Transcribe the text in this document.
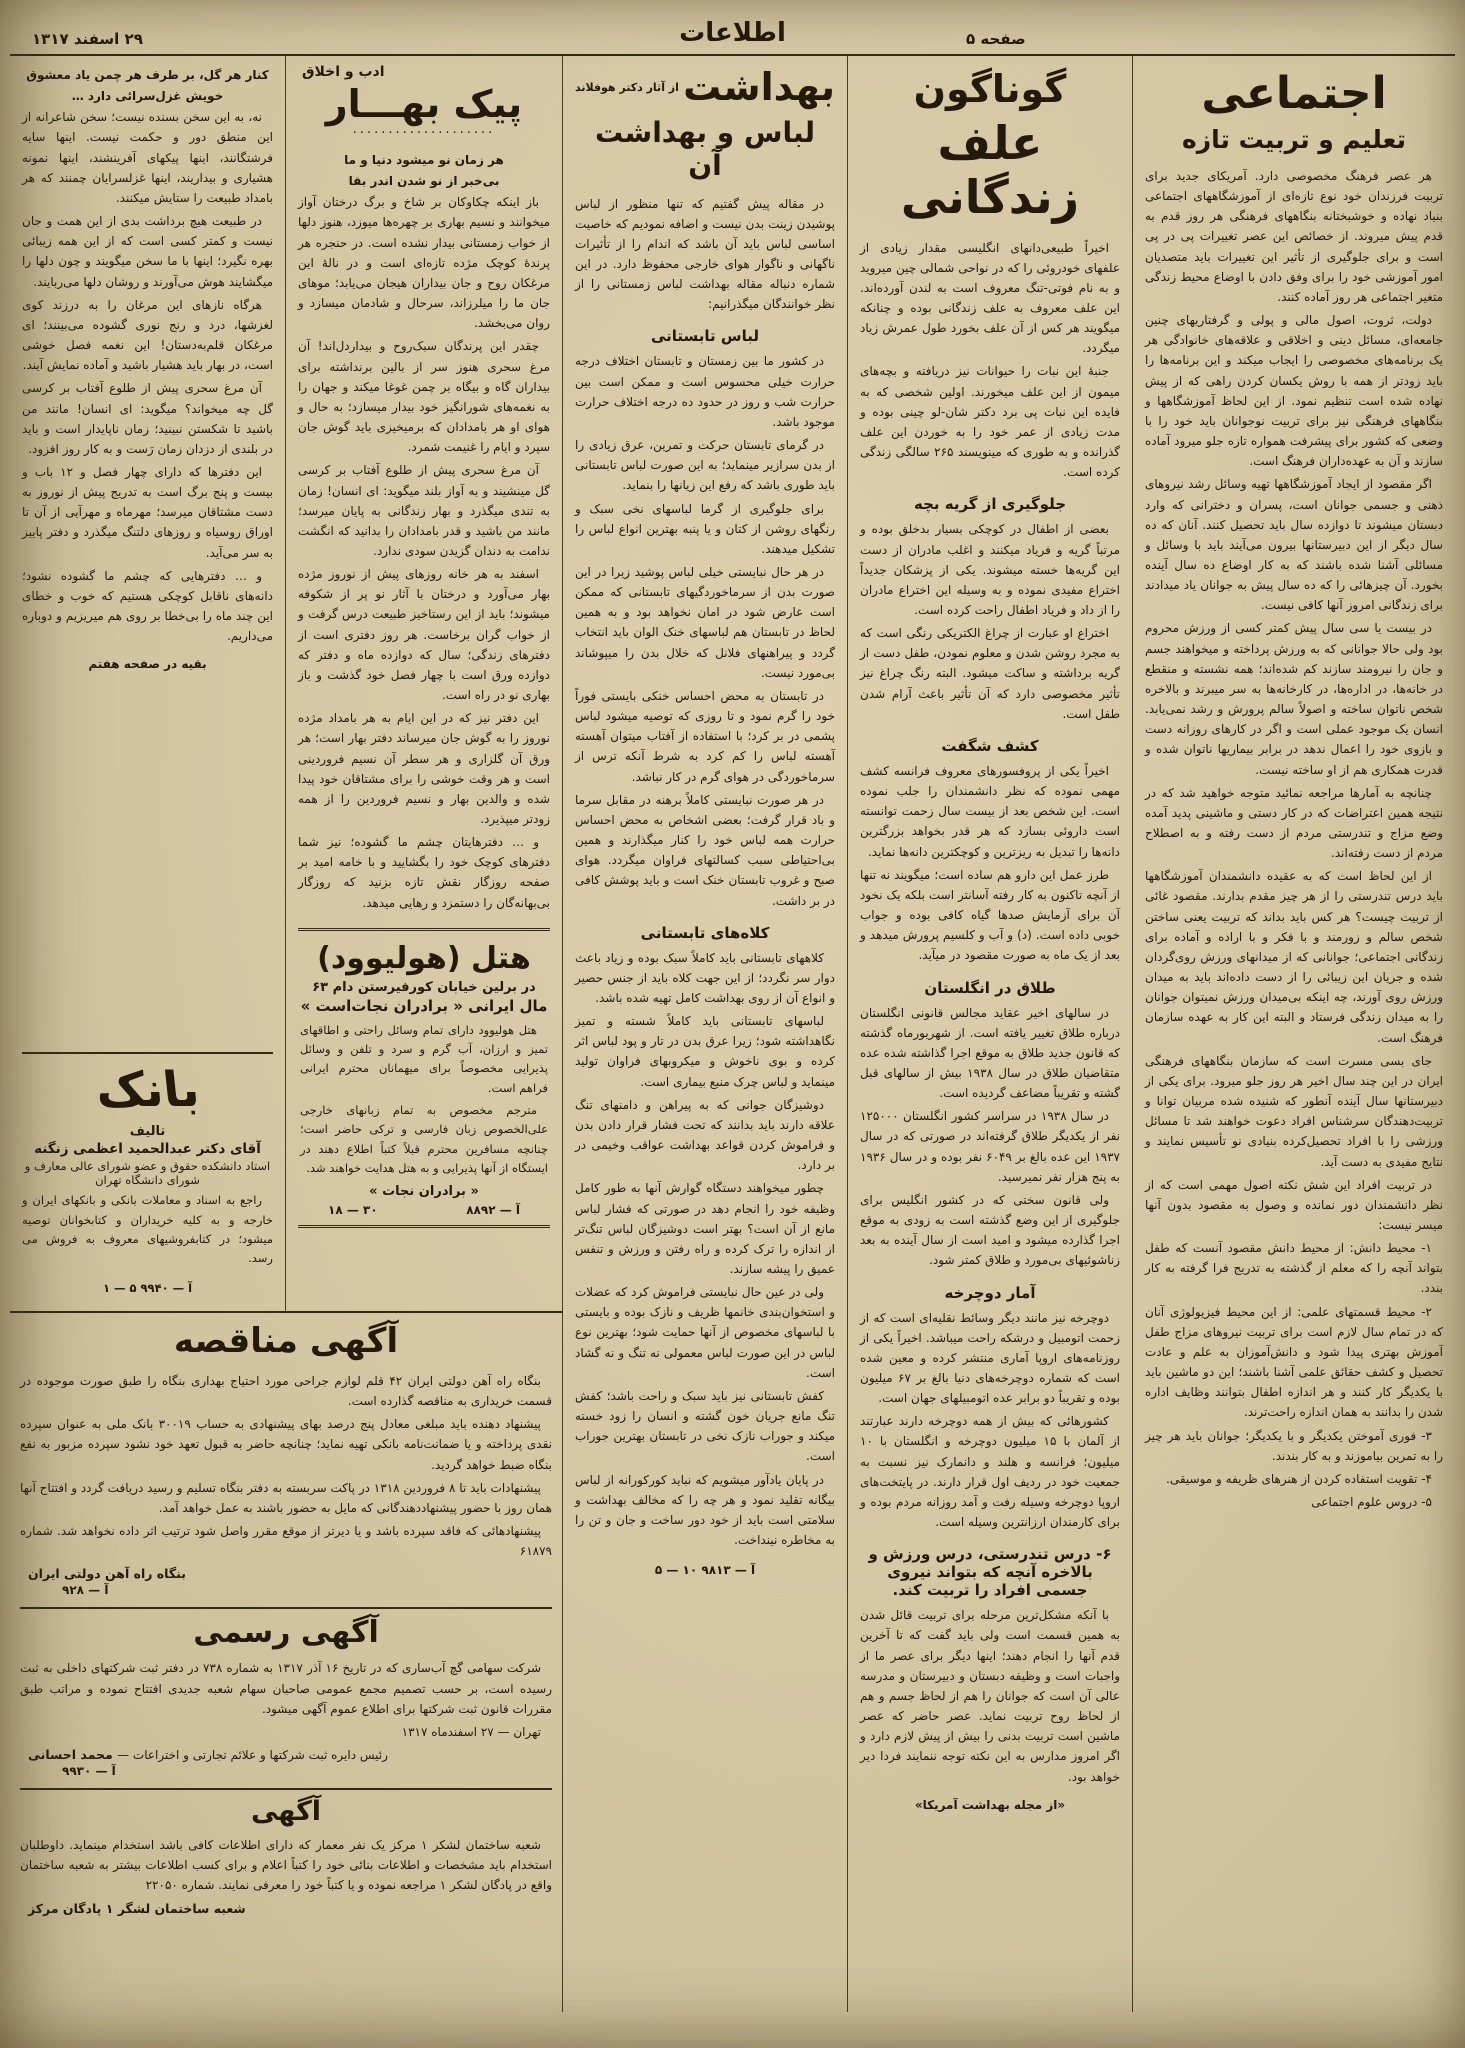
صفحه ۵
اطلاعات
۲۹ اسفند ۱۳۱۷
اجتماعی
تعلیم و تربیت تازه

هر عصر فرهنگ مخصوصی دارد. آمریکای جدید برای تربیت فرزندان خود نوع تازه‌ای از آموزشگاههای اجتماعی بنیاد نهاده و خوشبختانه بنگاههای فرهنگی هر روز قدم به قدم پیش میروند. از خصائص این عصر تغییرات پی در پی است و برای جلوگیری از تأثیر این تغییرات باید متصدیان امور آموزشی خود را برای وفق دادن با اوضاع محیط زندگی متغیر اجتماعی هر روز آماده کنند.

دولت، ثروت، اصول مالی و پولی و گرفتاریهای چنین جامعه‌ای، مسائل دینی و اخلاقی و علاقه‌های خانوادگی هر یک برنامه‌های مخصوصی را ایجاب میکند و این برنامه‌ها را باید زودتر از همه با روش یکسان کردن راهی که از پیش نهاده شده است تنظیم نمود. از این لحاظ آموزشگاهها و بنگاههای فرهنگی نیز برای تربیت نوجوانان باید خود را با وضعی که کشور برای پیشرفت همواره تازه جلو میرود آماده سازند و آن به عهده‌داران فرهنگ است.

اگر مقصود از ایجاد آموزشگاهها تهیه وسائل رشد نیروهای ذهنی و جسمی جوانان است، پسران و دخترانی که وارد دبستان میشوند تا دوازده سال باید تحصیل کنند. آنان که ده سال دیگر از این دبیرستانها بیرون می‌آیند باید با وسائل و مسائلی آشنا شده باشند که به کار اوضاع ده سال آینده بخورد. آن چیزهائی را که ده سال پیش به جوانان یاد میدادند برای زندگانی امروز آنها کافی نیست.

در بیست یا سی سال پیش کمتر کسی از ورزش محروم بود ولی حالا جوانانی که به ورزش پرداخته و میخواهند جسم و جان را نیرومند سازند کم شده‌اند؛ همه نشسته و منقطع در خانه‌ها، در اداره‌ها، در کارخانه‌ها به سر میبرند و بالاخره شخص ناتوان ساخته و اصولاً سالم پرورش و رشد نمی‌یابد. انسان یک موجود عملی است و اگر در کارهای روزانه دست و بازوی خود را اعمال ندهد در برابر بیماریها ناتوان شده و قدرت همکاری هم از او ساخته نیست.

چنانچه به آمارها مراجعه نمائید متوجه خواهید شد که در نتیجه همین اعتراضات که در کار دستی و ماشینی پدید آمده وضع مزاج و تندرستی مردم از دست رفته و به اصطلاح مردم از دست رفته‌اند.

از این لحاظ است که به عقیده دانشمندان آموزشگاهها باید درس تندرستی را از هر چیز مقدم بدارند. مقصود غائی از تربیت چیست؟ هر کس باید بداند که تربیت یعنی ساختن شخص سالم و زورمند و با فکر و با اراده و آماده برای زندگانی اجتماعی؛ جوانانی که از میدانهای ورزش روی‌گردان شده و جریان این زیبائی را از دست داده‌اند باید به میدان ورزش روی آورند، چه اینکه بی‌میدان ورزش نمیتوان جوانان را به میدان زندگی فرستاد و البته این کار به عهده سازمان فرهنگ است.

جای بسی مسرت است که سازمان بنگاههای فرهنگی ایران در این چند سال اخیر هر روز جلو میرود. برای یکی از دبیرستانها سال آینده آنطور که شنیده شده مربیان توانا و تربیت‌دهندگان سرشناس افراد دعوت خواهند شد تا مسائل ورزشی را با افراد تحصیل‌کرده بنیادی نو تأسیس نمایند و نتایج مفیدی به دست آید.

در تربیت افراد این شش نکته اصول مهمی است که از نظر دانشمندان دور نمانده و وصول به مقصود بدون آنها میسر نیست:

۱- محیط دانش: از محیط دانش مقصود آنست که طفل بتواند آنچه را که معلم از گذشته به تدریج فرا گرفته به کار بندد.

۲- محیط قسمتهای علمی: از این محیط فیزیولوژی آنان که در تمام سال لازم است برای تربیت نیروهای مزاج طفل آموزش بهتری پیدا شود و دانش‌آموزان به علم و عادت تحصیل و کشف حقائق علمی آشنا باشند؛ این دو ماشین باید با یکدیگر کار کنند و هر اندازه اطفال بتوانند وظایف اداره شدن را بدانند به همان اندازه راحت‌ترند.

۳- فوری آموختن یکدیگر و با یکدیگر؛ جوانان باید هر چیز را به تمرین بیاموزند و به کار بندند.

۴- تقویت استفاده کردن از هنرهای ظریفه و موسیقی.

۵- دروس علوم اجتماعی

گوناگون
علف زندگانی

اخیراً طبیعی‌دانهای انگلیسی مقدار زیادی از علفهای خودروئی را که در نواحی شمالی چین میروید و به نام فوتی-تنگ معروف است به لندن آورده‌اند. این علف معروف به علف زندگانی بوده و چنانکه میگویند هر کس از آن علف بخورد طول عمرش زیاد میگردد.

جنبهٔ این نبات را حیوانات نیز دریافته و بچه‌های میمون از این علف میخورند. اولین شخصی که به فایده این نبات پی برد دکتر شان-لو چینی بوده و مدت زیادی از عمر خود را به خوردن این علف گذرانده و به طوری که مینویسند ۲۶۵ سالگی زندگی کرده است.

جلوگیری از گریه بچه

بعضی از اطفال در کوچکی بسیار بدخلق بوده و مرتباً گریه و فریاد میکنند و اغلب مادران از دست این گریه‌ها خسته میشوند. یکی از پزشکان جدیداً اختراع مفیدی نموده و به وسیله این اختراع مادران را از داد و فریاد اطفال راحت کرده است.

اختراع او عبارت از چراغ الکتریکی رنگی است که به مجرد روشن شدن و معلوم نمودن، طفل دست از گریه برداشته و ساکت میشود. البته رنگ چراغ نیز تأثیر مخصوصی دارد که آن تأثیر باعث آرام شدن طفل است.

کشف شگفت

اخیراً یکی از پروفسورهای معروف فرانسه کشف مهمی نموده که نظر دانشمندان را جلب نموده است. این شخص بعد از بیست سال زحمت توانسته است داروئی بسازد که هر قدر بخواهد بزرگترین دانه‌ها را تبدیل به ریزترین و کوچکترین دانه‌ها نماید.

طرز عمل این دارو هم ساده است؛ میگویند نه تنها از آنچه تاکنون به کار رفته آسانتر است بلکه یک نخود آن برای آزمایش صدها گیاه کافی بوده و جواب خوبی داده است. (د) و آب و کلسیم پرورش میدهد و بعد از یک ماه به صورت مقصود در میآید.

طلاق در انگلستان

در سالهای اخیر عقاید مجالس قانونی انگلستان درباره طلاق تغییر یافته است. از شهریورماه گذشته که قانون جدید طلاق به موقع اجرا گذاشته شده عده متقاضیان طلاق در سال ۱۹۳۸ بیش از سالهای قبل گشته و تقریباً مضاعف گردیده است.

در سال ۱۹۳۸ در سراسر کشور انگلستان ۱۲۵۰۰۰ نفر از یکدیگر طلاق گرفته‌اند در صورتی که در سال ۱۹۳۷ این عده بالغ بر ۶۰۴۹ نفر بوده و در سال ۱۹۳۶ به پنج هزار نفر نمیرسید.

ولی قانون سختی که در کشور انگلیس برای جلوگیری از این وضع گذشته است به زودی به موقع اجرا گذارده میشود و امید است از سال آینده به بعد زناشوئیهای بی‌مورد و طلاق کمتر شود.

آمار دوچرخه

دوچرخه نیز مانند دیگر وسائط نقلیه‌ای است که از زحمت اتومبیل و درشکه راحت میباشد. اخیراً یکی از روزنامه‌های اروپا آماری منتشر کرده و معین شده است که شماره دوچرخه‌های دنیا بالغ بر ۶۷ میلیون بوده و تقریباً دو برابر عده اتومبیلهای جهان است.

کشورهائی که بیش از همه دوچرخه دارند عبارتند از آلمان با ۱۵ میلیون دوچرخه و انگلستان با ۱۰ میلیون؛ فرانسه و هلند و دانمارک نیز نسبت به جمعیت خود در ردیف اول قرار دارند. در پایتخت‌های اروپا دوچرخه وسیله رفت و آمد روزانه مردم بوده و برای کارمندان ارزانترین وسیله است.

۶- درس تندرستی، درس ورزش و بالاخره آنچه که بتواند نیروی جسمی افراد را تربیت کند.

با آنکه مشکل‌ترین مرحله برای تربیت قائل شدن به همین قسمت است ولی باید گفت که تا آخرین قدم آنها را انجام دهند؛ اینها دیگر برای عصر ما از واجبات است و وظیفه دبستان و دبیرستان و مدرسه عالی آن است که جوانان را هم از لحاظ جسم و هم از لحاظ روح تربیت نماید. عصر حاضر که عصر ماشین است تربیت بدنی را بیش از پیش لازم دارد و اگر امروز مدارس به این نکته توجه ننمایند فردا دیر خواهد بود.

«از مجله بهداشت آمریکا»

بهداشت
از آثار دکتر هوفلاند
لباس و بهداشت آن

در مقاله پیش گفتیم که تنها منظور از لباس پوشیدن زینت بدن نیست و اضافه نمودیم که خاصیت اساسی لباس باید آن باشد که اندام را از تأثیرات ناگهانی و ناگوار هوای خارجی محفوظ دارد. در این شماره دنباله مقاله بهداشت لباس زمستانی را از نظر خوانندگان میگذرانیم:

لباس تابستانی

در کشور ما بین زمستان و تابستان اختلاف درجه حرارت خیلی محسوس است و ممکن است بین حرارت شب و روز در حدود ده درجه اختلاف حرارت موجود باشد.

در گرمای تابستان حرکت و تمرین، عرق زیادی را از بدن سرازیر مینماید؛ به این صورت لباس تابستانی باید طوری باشد که رفع این زیانها را بنماید.

برای جلوگیری از گرما لباسهای نخی سبک و رنگهای روشن از کتان و یا پنبه بهترین انواع لباس را تشکیل میدهند.

در هر حال نبایستی خیلی لباس پوشید زیرا در این صورت بدن از سرماخوردگیهای تابستانی که ممکن است عارض شود در امان نخواهد بود و به همین لحاظ در تابستان هم لباسهای خنک الوان باید انتخاب گردد و پیراهنهای فلانل که خلال بدن را میپوشاند بی‌مورد نیست.

در تابستان به محض احساس خنکی بایستی فوراً خود را گرم نمود و تا روزی که توصیه میشود لباس پشمی در بر کرد؛ با استفاده از آفتاب میتوان آهسته آهسته لباس را کم کرد به شرط آنکه ترس از سرماخوردگی در هوای گرم در کار نباشد.

در هر صورت نبایستی کاملاً برهنه در مقابل سرما و باد قرار گرفت؛ بعضی اشخاص به محض احساس حرارت همه لباس خود را کنار میگذارند و همین بی‌احتیاطی سبب کسالتهای فراوان میگردد. هوای صبح و غروب تابستان خنک است و باید پوشش کافی در بر داشت.

کلاه‌های تابستانی

کلاههای تابستانی باید کاملاً سبک بوده و زیاد باعث دوار سر نگردد؛ از این جهت کلاه باید از جنس حصیر و انواع آن از روی بهداشت کامل تهیه شده باشد.

لباسهای تابستانی باید کاملاً شسته و تمیز نگاهداشته شود؛ زیرا عرق بدن در تار و پود لباس اثر کرده و بوی ناخوش و میکروبهای فراوان تولید مینماید و لباس چرک منبع بیماری است.

دوشیزگان جوانی که به پیراهن و دامنهای تنگ علاقه دارند باید بدانند که تحت فشار قرار دادن بدن و فراموش کردن قواعد بهداشت عواقب وخیمی در بر دارد.

چطور میخواهند دستگاه گوارش آنها به طور کامل وظیفه خود را انجام دهد در صورتی که فشار لباس مانع از آن است؟ بهتر است دوشیزگان لباس تنگ‌تر از اندازه را ترک کرده و راه رفتن و ورزش و تنفس عمیق را پیشه سازند.

ولی در عین حال نبایستی فراموش کرد که عضلات و استخوان‌بندی خانمها ظریف و نازک بوده و بایستی با لباسهای مخصوص از آنها حمایت شود؛ بهترین نوع لباس در این صورت لباس معمولی نه تنگ و نه گشاد است.

کفش تابستانی نیز باید سبک و راحت باشد؛ کفش تنگ مانع جریان خون گشته و انسان را زود خسته میکند و جوراب نازک نخی در تابستان بهترین جوراب است.

در پایان یادآور میشویم که نباید کورکورانه از لباس بیگانه تقلید نمود و هر چه را که مخالف بهداشت و سلامتی است باید از خود دور ساخت و جان و تن را به مخاطره نینداخت.

آ — ۹۸۱۳ ۱۰ — ۵

ادب و اخلاق
پیک بهـــار
····················

هر زمان نو میشود دنیا و ما

بی‌خبر از نو شدن اندر بقا

باز اینکه چکاوکان بر شاخ و برگ درختان آواز میخوانند و نسیم بهاری بر چهره‌ها میوزد، هنوز دلها از خواب زمستانی بیدار نشده است. در حنجره هر پرندهٔ کوچک مژده تازه‌ای است و در نالهٔ این مرغکان روح و جان بیداران هیجان می‌یابد؛ موهای جان ما را میلرزاند، سرحال و شادمان میسازد و روان می‌بخشد.

چقدر این پرندگان سبک‌روح و بیداردل‌اند! آن مرغ سحری هنوز سر از بالین برنداشته برای بیداران گاه و بیگاه بر چمن غوغا میکند و جهان را به نغمه‌های شورانگیز خود بیدار میسازد؛ به حال و هوای او هر بامدادان که برمیخیزی باید گوش جان سپرد و ایام را غنیمت شمرد.

آن مرغ سحری پیش از طلوع آفتاب بر کرسی گل مینشیند و به آواز بلند میگوید: ای انسان! زمان به تندی میگذرد و بهار زندگانی به پایان میرسد؛ مانند من باشید و قدر بامدادان را بدانید که انگشت ندامت به دندان گزیدن سودی ندارد.

اسفند به هر خانه روزهای پیش از نوروز مژده بهار می‌آورد و درختان با آثار نو پر از شکوفه میشوند؛ باید از این رستاخیز طبیعت درس گرفت و از خواب گران برخاست. هر روز دفتری است از دفترهای زندگی؛ سال که دوازده ماه و دفتر که دوازده ورق است با چهار فصل خود گذشت و باز بهاری نو در راه است.

این دفتر نیز که در این ایام به هر بامداد مژده نوروز را به گوش جان میرساند دفتر بهار است؛ هر ورق آن گلزاری و هر سطر آن نسیم فروردینی است و هر وقت خوشی را برای مشتاقان خود پیدا شده و والدین بهار و نسیم فروردین را از همه زودتر میپذیرد.

و … دفترهایتان چشم ما گشوده؛ نیز شما دفترهای کوچک خود را بگشایید و با خامه امید بر صفحه روزگار نقش تازه بزنید که روزگار بی‌بهانه‌گان را دستمزد و رهایی میدهد.

هتل (هولیوود)
در برلین خیابان کورفیرستن دام ۶۳
مال ایرانی « برادران نجات‌است »

هتل هولیوود دارای تمام وسائل راحتی و اطاقهای تمیز و ارزان، آب گرم و سرد و تلفن و وسائل پذیرایی مخصوصاً برای میهمانان محترم ایرانی فراهم است.

مترجم مخصوص به تمام زبانهای خارجی علی‌الخصوص زبان فارسی و ترکی حاضر است؛ چنانچه مسافرین محترم قبلاً کتباً اطلاع دهند در ایستگاه از آنها پذیرایی و به هتل هدایت خواهند شد.

« برادران نجات »
آ — ۸۸۹۲
۳۰ — ۱۸

کنار هر گل، بر طرف هر چمن یاد معشوق

خویش غزل‌سرائی دارد …

نه، به این سخن بسنده نیست؛ سخن شاعرانه از این منطق دور و حکمت نیست. اینها سایه فرشتگانند، اینها پیکهای آفرینشند، اینها نمونه هشیاری و بیداریند، اینها غزلسرایان چمنند که هر بامداد طبیعت را ستایش میکنند.

در طبیعت هیچ برداشت بدی از این همت و جان نیست و کمتر کسی است که از این همه زیبائی بهره نگیرد؛ اینها با ما سخن میگویند و چون دلها را میگشایند هوش می‌آورند و روشان دلها می‌ربایند.

هرگاه نازهای این مرغان را به درزند کوی لغزشها، درد و رنج نوری گشوده می‌بینند؛ ای مرغکان قلم‌به‌دستان! این نغمه فصل خوشی است، در بهار باید هشیار باشید و آماده نمایش آیند.

آن مرغ سحری پیش از طلوع آفتاب بر کرسی گل چه میخواند؟ میگوید: ای انسان! مانند من باشید تا شکستن نبینید؛ زمان ناپایدار است و باید در بلندی از دزدان زمان رَست و به کار روز افزود.

این دفترها که دارای چهار فصل و ۱۲ باب و بیست و پنج برگ است به تدریج پیش از نوروز به دست مشتاقان میرسد؛ مهرماه و مهرآیی از آن تا اوراق روسیاه و روزهای دلتنگ میگذرد و دفتر پاییز به سر می‌آید.

و … دفترهایی که چشم ما گشوده نشود؛ دانه‌های ناقابل کوچکی هستیم که خوب و خطای این چند ماه را بی‌خطا بر روی هم میریزیم و دوباره می‌داریم.

بقیه در صفحه هفتم

بانک
تالیف
آقای دکتر عبدالحمید اعظمی زنگنه
استاد دانشکده حقوق و عضو شورای عالی معارف و شورای دانشگاه تهران

راجع به اسناد و معاملات بانکی و بانکهای ایران و خارجه و به کلیه خریداران و کتابخوانان توصیه میشود؛ در کتابفروشیهای معروف به فروش می رسد.

آ — ۹۹۴۰ ۵ — ۱

آگهی مناقصه

بنگاه راه آهن دولتی ایران ۴۲ قلم لوازم جراحی مورد احتیاج بهداری بنگاه را طبق صورت موجوده در قسمت خریداری به مناقصه گذارده است.

پیشنهاد دهنده باید مبلغی معادل پنج درصد بهای پیشنهادی به حساب ۳۰۰۱۹ بانک ملی به عنوان سپرده نقدی پرداخته و یا ضمانت‌نامه بانکی تهیه نماید؛ چنانچه حاضر به قبول تعهد خود نشود سپرده مزبور به نفع بنگاه ضبط خواهد گردید.

پیشنهادات باید تا ۸ فروردین ۱۳۱۸ در پاکت سربسته به دفتر بنگاه تسلیم و رسید دریافت گردد و افتتاح آنها همان روز با حضور پیشنهاددهندگانی که مایل به حضور باشند به عمل خواهد آمد.

پیشنهادهائی که فاقد سپرده باشد و یا دیرتر از موقع مقرر واصل شود ترتیب اثر داده نخواهد شد. شماره ۶۱۸۷۹

بنگاه راه آهن دولتی ایران
آ — ۹۲۸
آگهی رسمی

شرکت سهامی گچ آب‌ساری که در تاریخ ۱۶ آذر ۱۳۱۷ به شماره ۷۳۸ در دفتر ثبت شرکتهای داخلی به ثبت رسیده است، بر حسب تصمیم مجمع عمومی صاحبان سهام شعبه جدیدی افتتاح نموده و مراتب طبق مقررات قانون ثبت شرکتها برای اطلاع عموم آگهی میشود.

تهران — ۲۷ اسفندماه ۱۳۱۷

رئیس دایره ثبت شرکتها و علائم تجارتی و اختراعات — محمد احسانی
آ — ۹۹۳۰
آگهی

شعبه ساختمان لشکر ۱ مرکز یک نفر معمار که دارای اطلاعات کافی باشد استخدام مینماید. داوطلبان استخدام باید مشخصات و اطلاعات بنائی خود را کتباً اعلام و برای کسب اطلاعات بیشتر به شعبه ساختمان واقع در پادگان لشکر ۱ مراجعه نموده و یا کتباً خود را معرفی نمایند. شماره ۲۲۰۵۰

شعبه ساختمان لشگر ۱ پادگان مرکز
